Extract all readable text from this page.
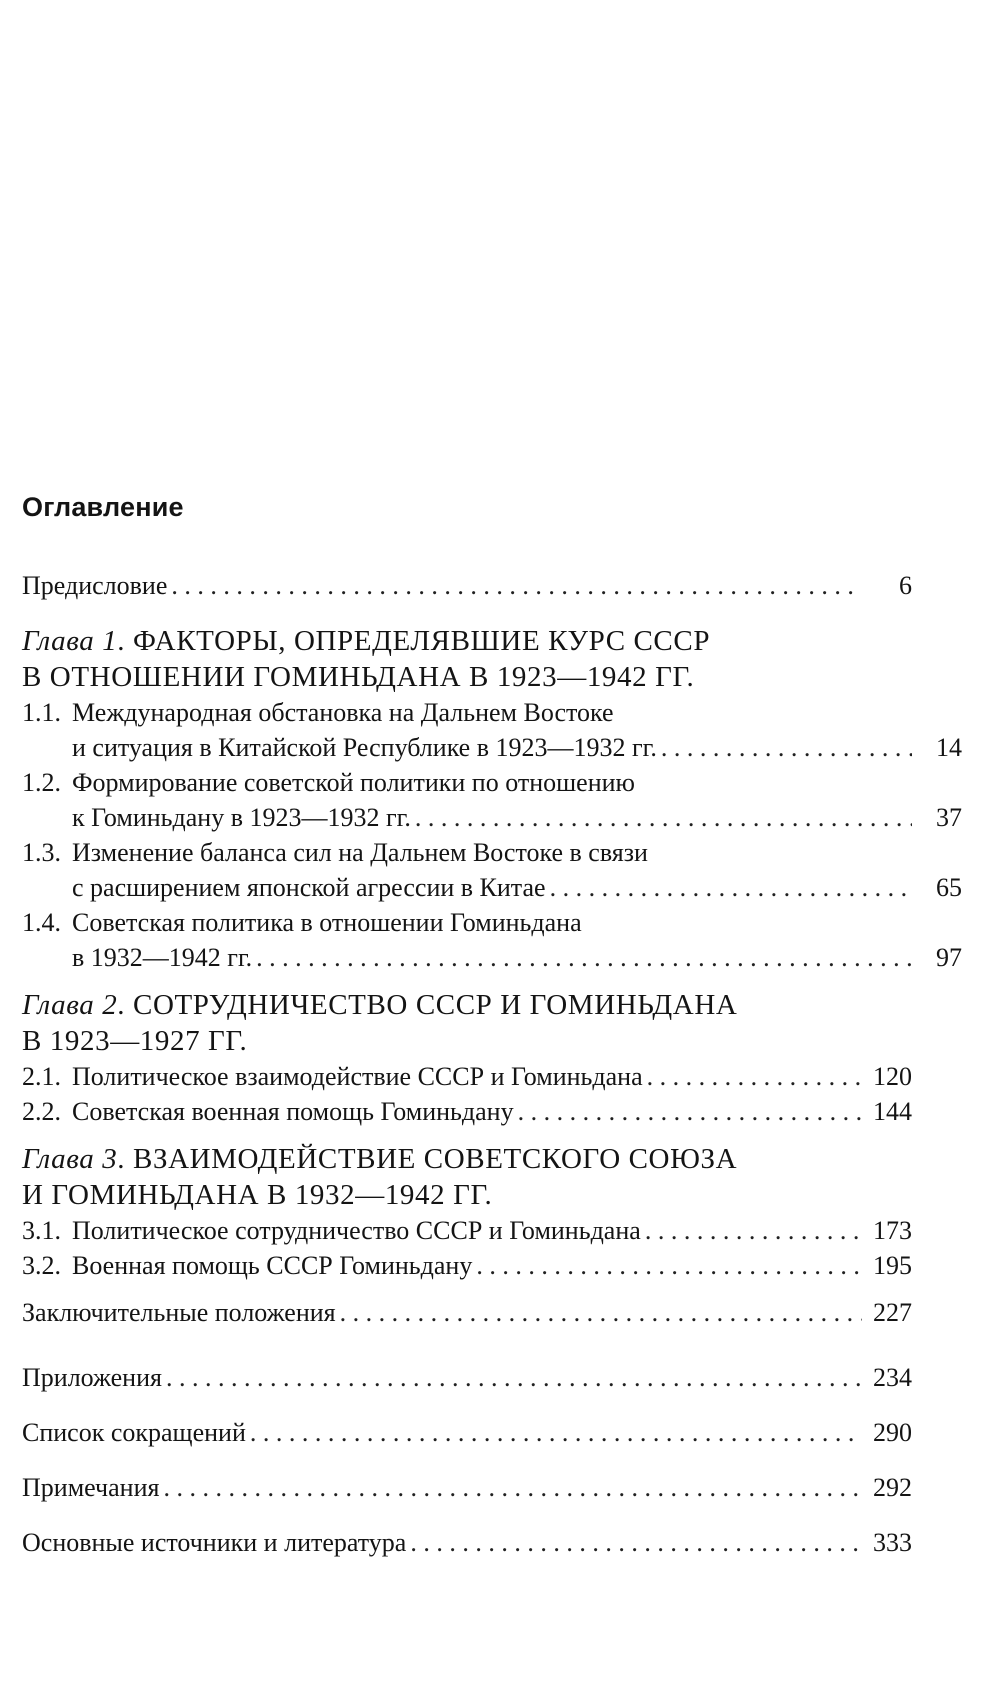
Оглавление
Предисловие . . .	6
Глава 1. ФАКТОРЫ, ОПРЕДЕЛЯВШИЕ КУРС СССР
В ОТНОШЕНИИ ГОМИНЬДАНА В 1923—1942 ГГ.
1.1. Международная обстановка на Дальнем Востоке
и ситуация в Китайской Республике в 1923—1932 гг. . . .	14
1.2. Формирование советской политики по отношению
к Гоминьдану в 1923—1932 гг. . . .	37
1.3. Изменение баланса сил на Дальнем Востоке в связи
с расширением японской агрессии в Китае . . .	65
1.4. Советская политика в отношении Гоминьдана
в 1932—1942 гг. . . .	97
Глава 2. СОТРУДНИЧЕСТВО СССР И ГОМИНЬДАНА
В 1923—1927 ГГ.
2.1. Политическое взаимодействие СССР и Гоминьдана . . .	120
2.2. Советская военная помощь Гоминьдану . . .	144
Глава 3. ВЗАИМОДЕЙСТВИЕ СОВЕТСКОГО СОЮЗА
И ГОМИНЬДАНА В 1932—1942 ГГ.
3.1. Политическое сотрудничество СССР и Гоминьдана . . .	173
3.2. Военная помощь СССР Гоминьдану . . .	195
Заключительные положения . . .	227
Приложения . . .	234
Список сокращений . . .	290
Примечания . . .	292
Основные источники и литература . . .	333
